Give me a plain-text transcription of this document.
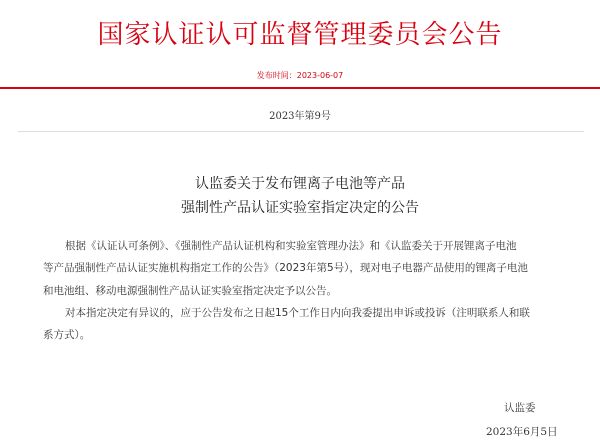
国家认证认可监督管理委员会公告
发布时间：2023-06-07
2023年第9号
认监委关于发布锂离子电池等产品
强制性产品认证实验室指定决定的公告
根据《认证认可条例》、《强制性产品认证机构和实验室管理办法》和《认监委关于开展锂离子电池
等产品强制性产品认证实施机构指定工作的公告》（2023年第5号），现对电子电器产品使用的锂离子电池
和电池组、移动电源强制性产品认证实验室指定决定予以公告。
对本指定决定有异议的，应于公告发布之日起15个工作日内向我委提出申诉或投诉（注明联系人和联
系方式）。
认监委
2023年6月5日
